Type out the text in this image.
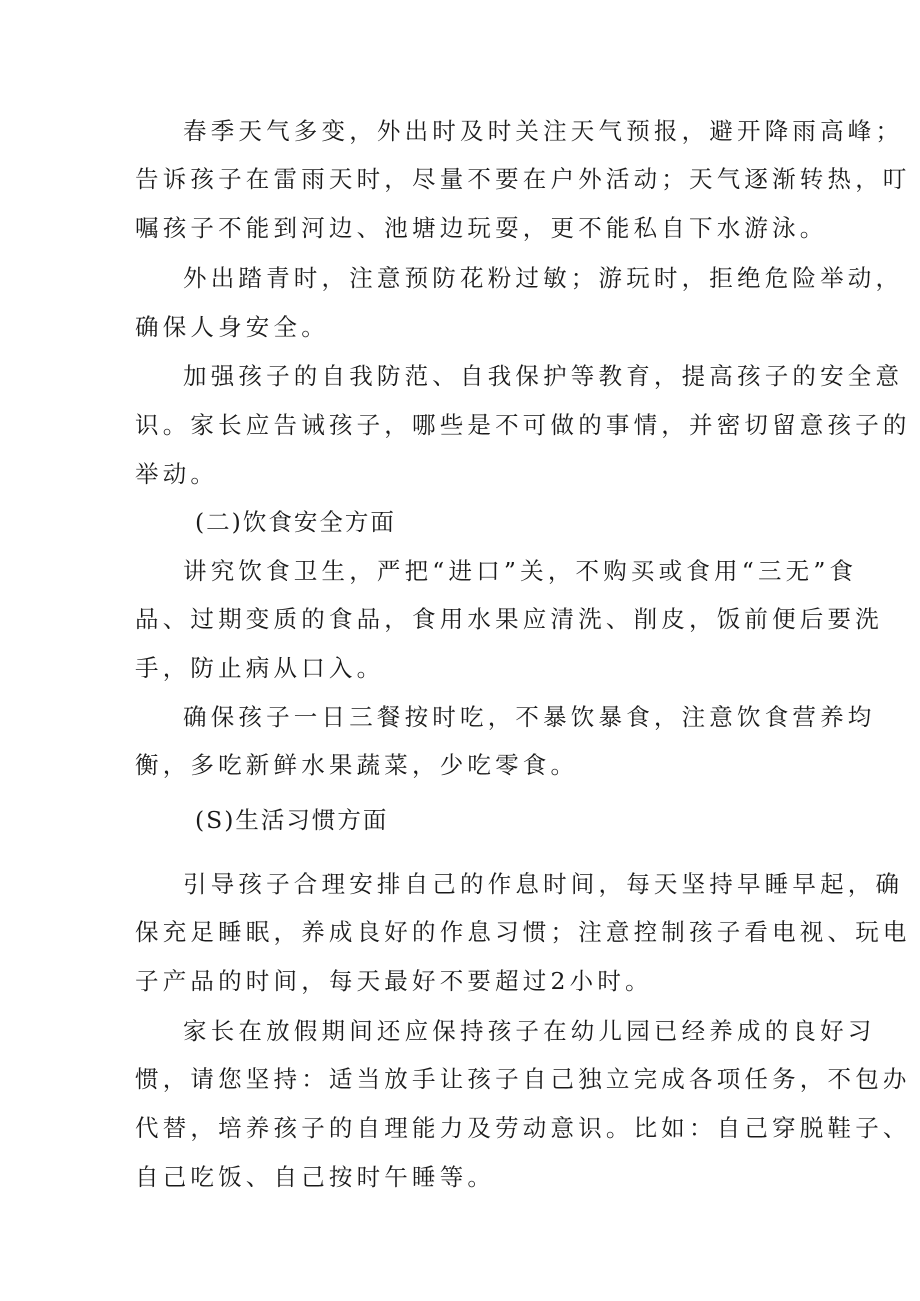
春季天气多变，外出时及时关注天气预报，避开降雨高峰；
告诉孩子在雷雨天时，尽量不要在户外活动；天气逐渐转热，叮
嘱孩子不能到河边、池塘边玩耍，更不能私自下水游泳。
外出踏青时，注意预防花粉过敏；游玩时，拒绝危险举动，
确保人身安全。
加强孩子的自我防范、自我保护等教育，提高孩子的安全意
识。家长应告诫孩子，哪些是不可做的事情，并密切留意孩子的
举动。
(二)饮食安全方面
讲究饮食卫生，严把“进口”关，不购买或食用“三无”食
品、过期变质的食品，食用水果应清洗、削皮，饭前便后要洗
手，防止病从口入。
确保孩子一日三餐按时吃，不暴饮暴食，注意饮食营养均
衡，多吃新鲜水果蔬菜，少吃零食。
(S)生活习惯方面
引导孩子合理安排自己的作息时间，每天坚持早睡早起，确
保充足睡眠，养成良好的作息习惯；注意控制孩子看电视、玩电
子产品的时间，每天最好不要超过2小时。
家长在放假期间还应保持孩子在幼儿园已经养成的良好习
惯，请您坚持：适当放手让孩子自己独立完成各项任务，不包办
代替，培养孩子的自理能力及劳动意识。比如：自己穿脱鞋子、
自己吃饭、自己按时午睡等。
